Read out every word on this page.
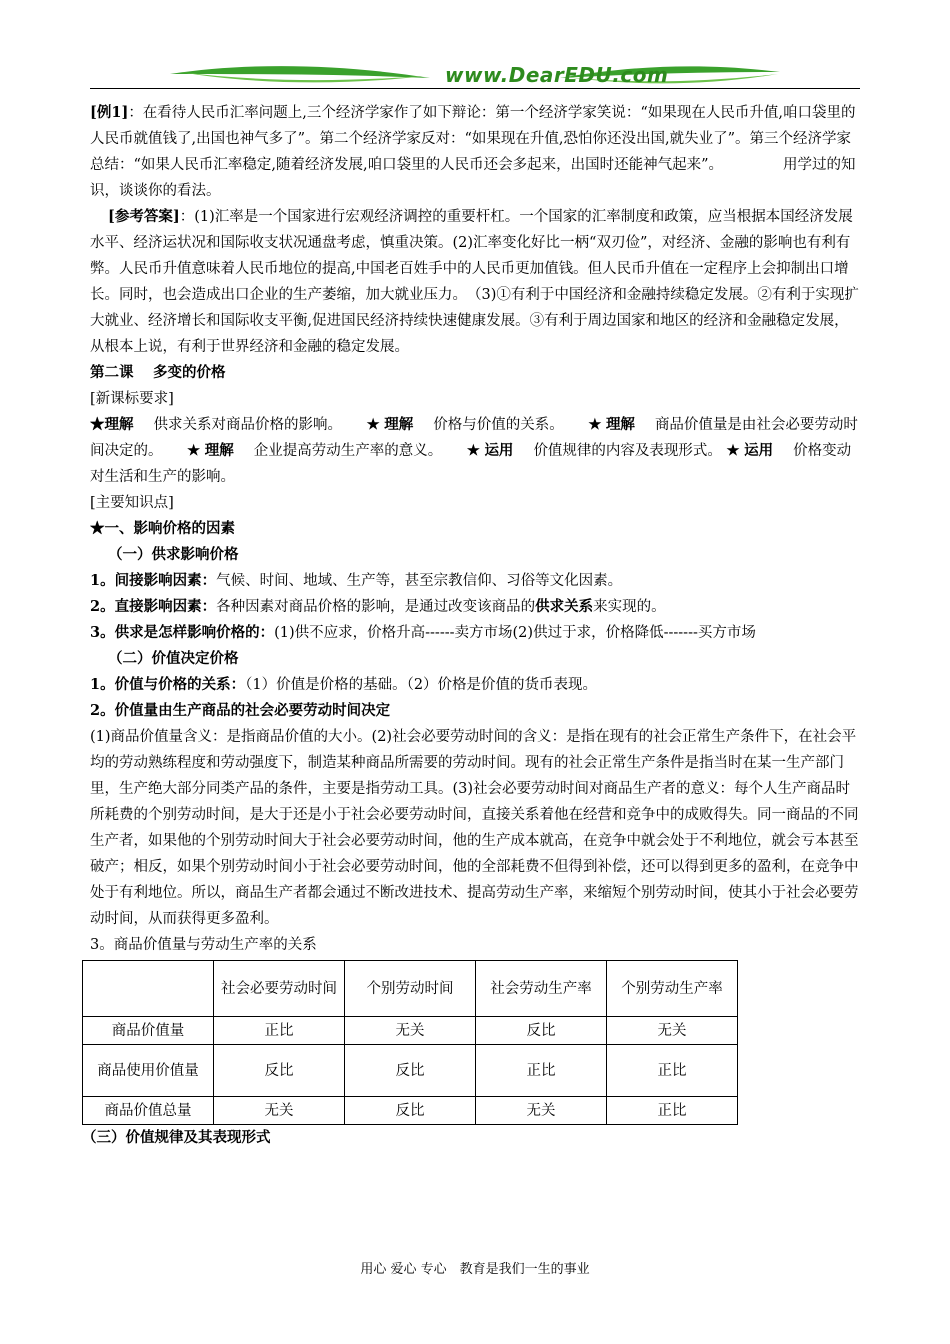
www.DearEDU.com

[例1]：在看待人民币汇率问题上,三个经济学家作了如下辩论：第一个经济学家笑说：“如果现在人民币升值,咱口袋里的人民币就值钱了,出国也神气多了”。第二个经济学家反对：“如果现在升值,恐怕你还没出国,就失业了”。第三个经济学家总结：“如果人民币汇率稳定,随着经济发展,咱口袋里的人民币还会多起来，出国时还能神气起来”。	用学过的知识，谈谈你的看法。

[参考答案]：(1)汇率是一个国家进行宏观经济调控的重要杆杠。一个国家的汇率制度和政策，应当根据本国经济发展水平、经济运状况和国际收支状况通盘考虑，慎重决策。(2)汇率变化好比一柄“双刃俭”，对经济、金融的影响也有利有弊。人民币升值意味着人民币地位的提高,中国老百姓手中的人民币更加值钱。但人民币升值在一定程序上会抑制出口增长。同时，也会造成出口企业的生产萎缩，加大就业压力。　（3)①有利于中国经济和金融持续稳定发展。②有利于实现扩大就业、经济增长和国际收支平衡,促进国民经济持续快速健康发展。③有利于周边国家和地区的经济和金融稳定发展，从根本上说，有利于世界经济和金融的稳定发展。

第二课　 多变的价格

[新课标要求]

★理解 供求关系对商品价格的影响。 ★ 理解 价格与价值的关系。 ★ 理解 商品价值量是由社会必要劳动时间决定的。 ★ 理解 企业提高劳动生产率的意义。 ★ 运用 价值规律的内容及表现形式。 ★ 运用 价格变动对生活和生产的影响。

[主要知识点]

★一、影响价格的因素

（一）供求影响价格

1。间接影响因素：气候、时间、地域、生产等，甚至宗教信仰、习俗等文化因素。

2。直接影响因素：各种因素对商品价格的影响，是通过改变该商品的供求关系来实现的。

3。供求是怎样影响价格的：(1)供不应求，价格升高------卖方市场(2)供过于求，价格降低-------买方市场

（二）价值决定价格

1。价值与价格的关系：（1）价值是价格的基础。（2）价格是价值的货币表现。

2。价值量由生产商品的社会必要劳动时间决定

(1)商品价值量含义：是指商品价值的大小。(2)社会必要劳动时间的含义：是指在现有的社会正常生产条件下，在社会平均的劳动熟练程度和劳动强度下，制造某种商品所需要的劳动时间。现有的社会正常生产条件是指当时在某一生产部门里，生产绝大部分同类产品的条件，主要是指劳动工具。(3)社会必要劳动时间对商品生产者的意义：每个人生产商品时所耗费的个别劳动时间，是大于还是小于社会必要劳动时间，直接关系着他在经营和竞争中的成败得失。同一商品的不同生产者，如果他的个别劳动时间大于社会必要劳动时间，他的生产成本就高，在竞争中就会处于不利地位，就会亏本甚至破产；相反，如果个别劳动时间小于社会必要劳动时间，他的全部耗费不但得到补偿，还可以得到更多的盈利，在竞争中处于有利地位。所以，商品生产者都会通过不断改进技术、提高劳动生产率，来缩短个别劳动时间，使其小于社会必要劳动时间，从而获得更多盈利。

3。商品价值量与劳动生产率的关系

	社会必要劳动时间	个别劳动时间	社会劳动生产率	个别劳动生产率
商品价值量	正比	无关	反比	无关
商品使用价值量	反比	反比	正比	正比
商品价值总量	无关	反比	无关	正比

（三）价值规律及其表现形式

用心 爱心 专心　教育是我们一生的事业
